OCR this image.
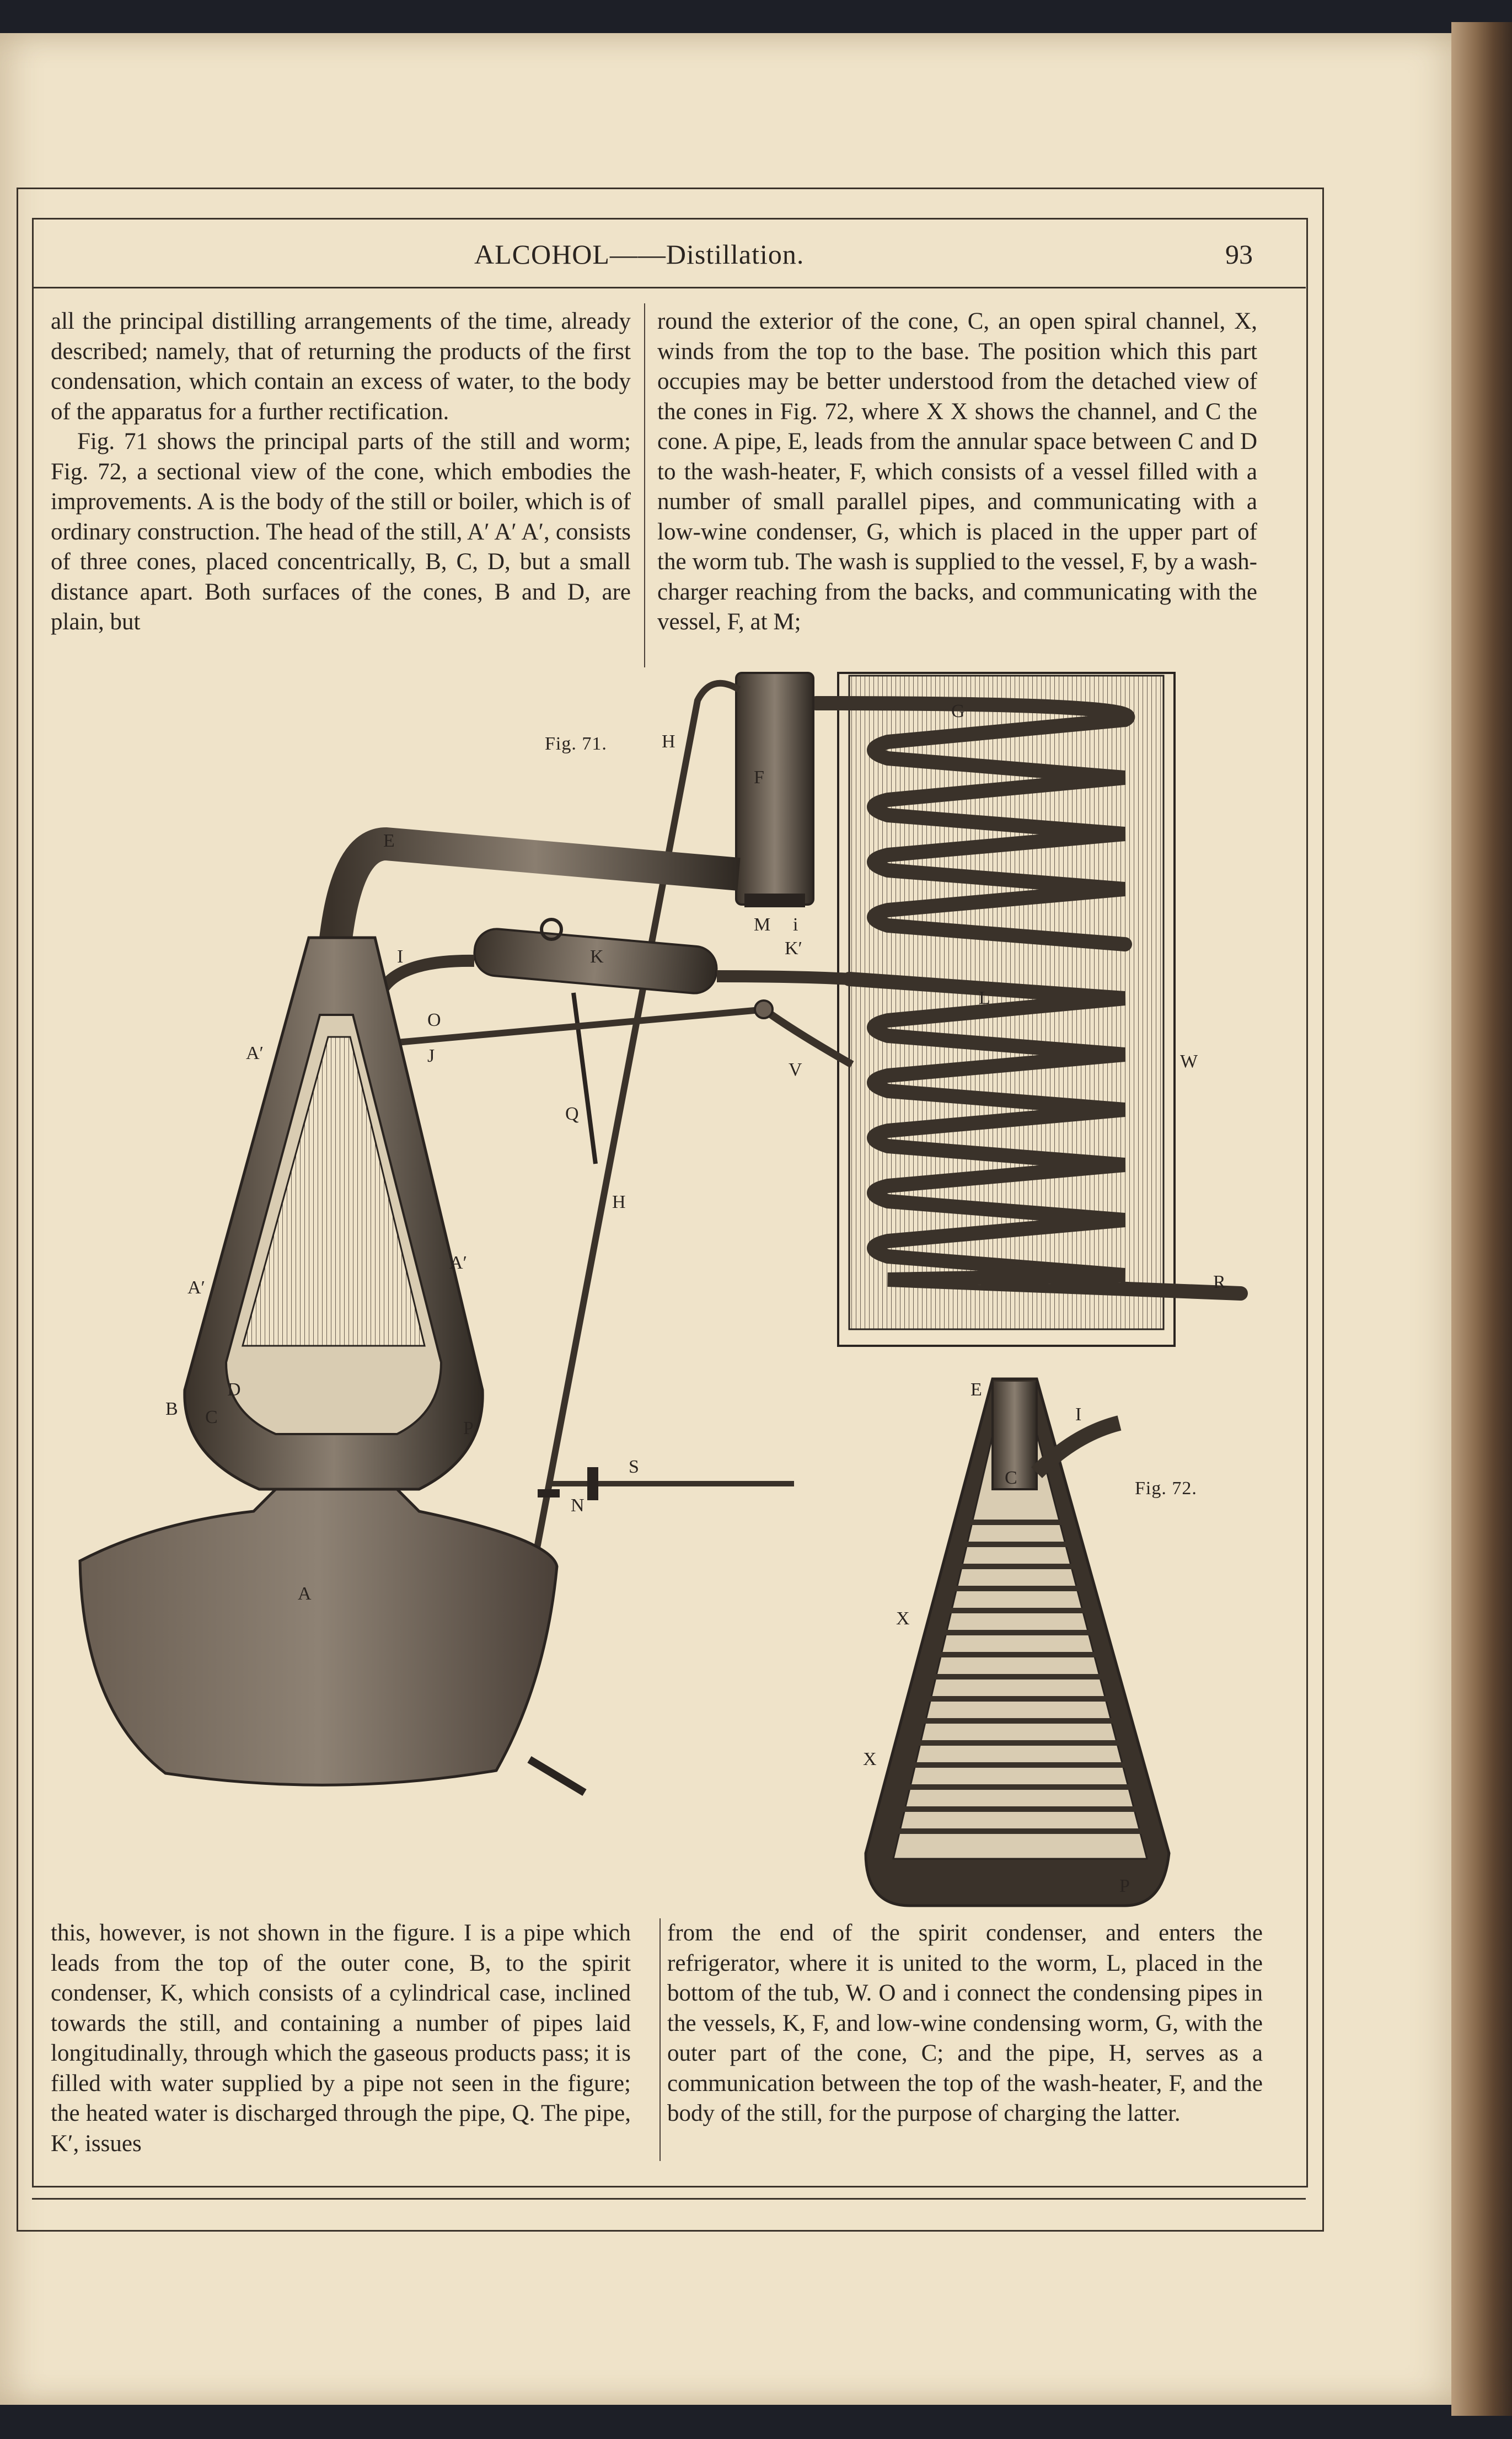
ALCOHOL——Distillation.	93

all the principal distilling arrangements of the time, already described; namely, that of returning the products of the first condensation, which contain an excess of water, to the body of the apparatus for a further rectification.

Fig. 71 shows the principal parts of the still and worm; Fig. 72, a sectional view of the cone, which embodies the improvements. A is the body of the still or boiler, which is of ordinary construction. The head of the still, A′ A′ A′, consists of three cones, placed concentrically, B, C, D, but a small distance apart. Both surfaces of the cones, B and D, are plain, but

round the exterior of the cone, C, an open spiral channel, X, winds from the top to the base. The position which this part occupies may be better understood from the detached view of the cones in Fig. 72, where X X shows the channel, and C the cone. A pipe, E, leads from the annular space between C and D to the wash-heater, F, which consists of a vessel filled with a number of small parallel pipes, and communicating with a low-wine condenser, G, which is placed in the upper part of the worm tub. The wash is supplied to the vessel, F, by a wash-charger reaching from the backs, and communicating with the vessel, F, at M;

A′
A′
A′
A
B C
D
P
E
F
G
H
H
I
O
J
K	K′
M i
L
Q
V	W
R
S
N
E
I
C
X
X
P
Fig. 71.
Fig. 72.

this, however, is not shown in the figure. I is a pipe which leads from the top of the outer cone, B, to the spirit condenser, K, which consists of a cylindrical case, inclined towards the still, and containing a number of pipes laid longitudinally, through which the gaseous products pass; it is filled with water supplied by a pipe not seen in the figure; the heated water is discharged through the pipe, Q. The pipe, K′, issues

from the end of the spirit condenser, and enters the refrigerator, where it is united to the worm, L, placed in the bottom of the tub, W. O and i connect the condensing pipes in the vessels, K, F, and low-wine condensing worm, G, with the outer part of the cone, C; and the pipe, H, serves as a communication between the top of the wash-heater, F, and the body of the still, for the purpose of charging the latter.
